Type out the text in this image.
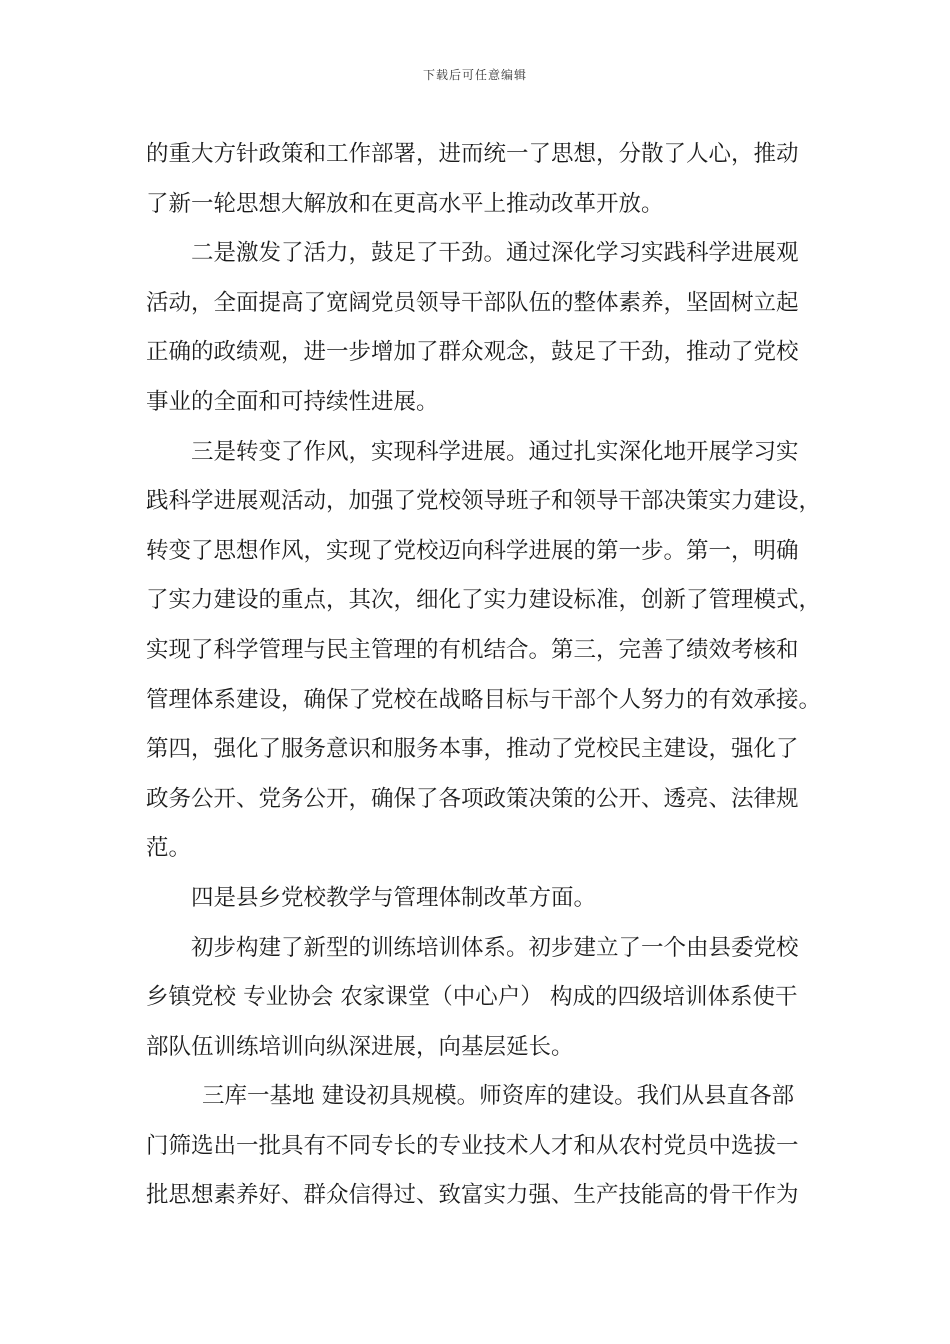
下载后可任意编辑
的重大方针政策和工作部署，进而统一了思想，分散了人心，推动
了新一轮思想大解放和在更高水平上推动改革开放。
二是激发了活力，鼓足了干劲。通过深化学习实践科学进展观
活动，全面提高了宽阔党员领导干部队伍的整体素养，坚固树立起
正确的政绩观，进一步增加了群众观念，鼓足了干劲，推动了党校
事业的全面和可持续性进展。
三是转变了作风，实现科学进展。通过扎实深化地开展学习实
践科学进展观活动，加强了党校领导班子和领导干部决策实力建设，
转变了思想作风，实现了党校迈向科学进展的第一步。第一，明确
了实力建设的重点，其次，细化了实力建设标准，创新了管理模式，
实现了科学管理与民主管理的有机结合。第三，完善了绩效考核和
管理体系建设，确保了党校在战略目标与干部个人努力的有效承接。
第四，强化了服务意识和服务本事，推动了党校民主建设，强化了
政务公开、党务公开，确保了各项政策决策的公开、透亮、法律规
范。
四是县乡党校教学与管理体制改革方面。
初步构建了新型的训练培训体系。初步建立了一个由县委党校
乡镇党校 专业协会 农家课堂（中心户） 构成的四级培训体系使干
部队伍训练培训向纵深进展，向基层延长。
三库一基地 建设初具规模。师资库的建设。我们从县直各部
门筛选出一批具有不同专长的专业技术人才和从农村党员中选拔一
批思想素养好、群众信得过、致富实力强、生产技能高的骨干作为
